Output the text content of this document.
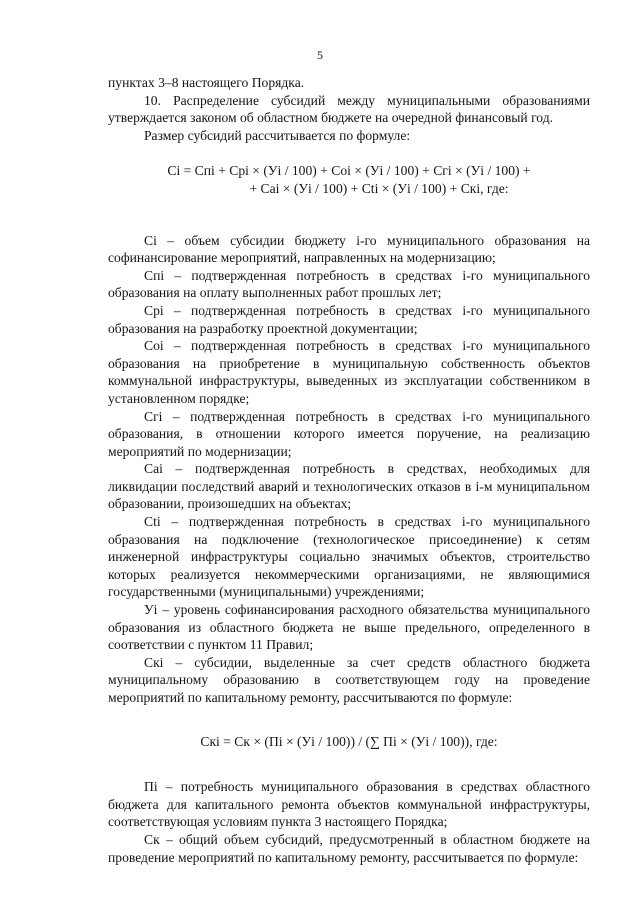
5

пунктах 3–8 настоящего Порядка.

10. Распределение субсидий между муниципальными образованиями утверждается законом об областном бюджете на очередной финансовый год.

Размер субсидий рассчитывается по формуле:

Ci = Cпi + Cрi × (Уi / 100) + Coi × (Уi / 100) + Cгi × (Уi / 100) +
+ Cai × (Уi / 100) + Cti × (Уi / 100) + Cкi, где:

Ci – объем субсидии бюджету i-го муниципального образования на софинансирование мероприятий, направленных на модернизацию;

Cпi – подтвержденная потребность в средствах i-го муниципального образования на оплату выполненных работ прошлых лет;

Cрi – подтвержденная потребность в средствах i-го муниципального образования на разработку проектной документации;

Coi – подтвержденная потребность в средствах i-го муниципального образования на приобретение в муниципальную собственность объектов коммунальной инфраструктуры, выведенных из эксплуатации собственником в установленном порядке;

Cгi – подтвержденная потребность в средствах i-го муниципального образования, в отношении которого имеется поручение, на реализацию мероприятий по модернизации;

Cai – подтвержденная потребность в средствах, необходимых для ликвидации последствий аварий и технологических отказов в i-м муниципальном образовании, произошедших на объектах;

Cti – подтвержденная потребность в средствах i-го муниципального образования на подключение (технологическое присоединение) к сетям инженерной инфраструктуры социально значимых объектов, строительство которых реализуется некоммерческими организациями, не являющимися государственными (муниципальными) учреждениями;

Уi – уровень софинансирования расходного обязательства муниципального образования из областного бюджета не выше предельного, определенного в соответствии с пунктом 11 Правил;

Cкi – субсидии, выделенные за счет средств областного бюджета муниципальному образованию в соответствующем году на проведение мероприятий по капитальному ремонту, рассчитываются по формуле:

Cкi = Cк × (Пi × (Уi / 100)) / (∑ Пi × (Уi / 100)), где:

Пi – потребность муниципального образования в средствах областного бюджета для капитального ремонта объектов коммунальной инфраструктуры, соответствующая условиям пункта 3 настоящего Порядка;

Cк – общий объем субсидий, предусмотренный в областном бюджете на проведение мероприятий по капитальному ремонту, рассчитывается по формуле:
